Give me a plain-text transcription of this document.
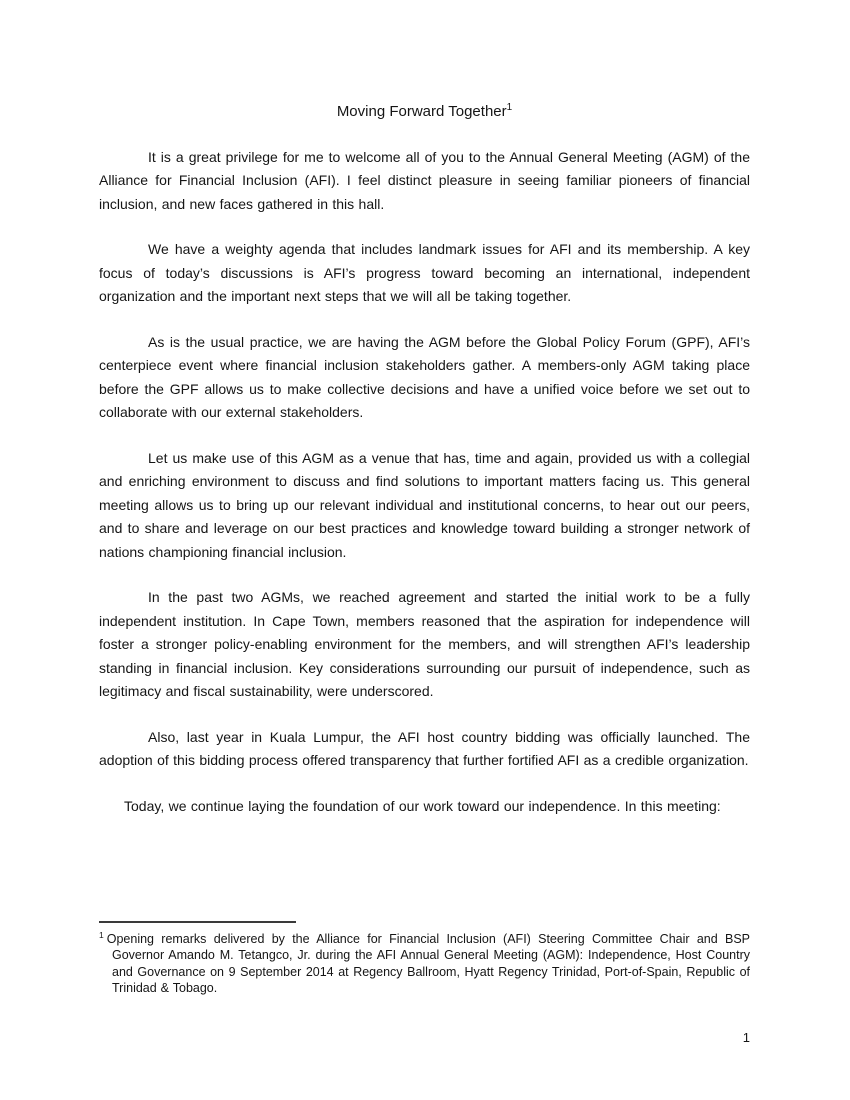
Moving Forward Together$^1$

It is a great privilege for me to welcome all of you to the Annual General Meeting (AGM) of the Alliance for Financial Inclusion (AFI). I feel distinct pleasure in seeing familiar pioneers of financial inclusion, and new faces gathered in this hall.

We have a weighty agenda that includes landmark issues for AFI and its membership. A key focus of today’s discussions is AFI’s progress toward becoming an international, independent organization and the important next steps that we will all be taking together.

As is the usual practice, we are having the AGM before the Global Policy Forum (GPF), AFI’s centerpiece event where financial inclusion stakeholders gather. A members-only AGM taking place before the GPF allows us to make collective decisions and have a unified voice before we set out to collaborate with our external stakeholders.

Let us make use of this AGM as a venue that has, time and again, provided us with a collegial and enriching environment to discuss and find solutions to important matters facing us. This general meeting allows us to bring up our relevant individual and institutional concerns, to hear out our peers, and to share and leverage on our best practices and knowledge toward building a stronger network of nations championing financial inclusion.

In the past two AGMs, we reached agreement and started the initial work to be a fully independent institution. In Cape Town, members reasoned that the aspiration for independence will foster a stronger policy-enabling environment for the members, and will strengthen AFI’s leadership standing in financial inclusion. Key considerations surrounding our pursuit of independence, such as legitimacy and fiscal sustainability, were underscored.

Also, last year in Kuala Lumpur, the AFI host country bidding was officially launched. The adoption of this bidding process offered transparency that further fortified AFI as a credible organization.

Today, we continue laying the foundation of our work toward our independence. In this meeting:

$^1$ Opening remarks delivered by the Alliance for Financial Inclusion (AFI) Steering Committee Chair and BSP Governor Amando M. Tetangco, Jr. during the AFI Annual General Meeting (AGM): Independence, Host Country and Governance on 9 September 2014 at Regency Ballroom, Hyatt Regency Trinidad, Port-of-Spain, Republic of Trinidad & Tobago.
1
